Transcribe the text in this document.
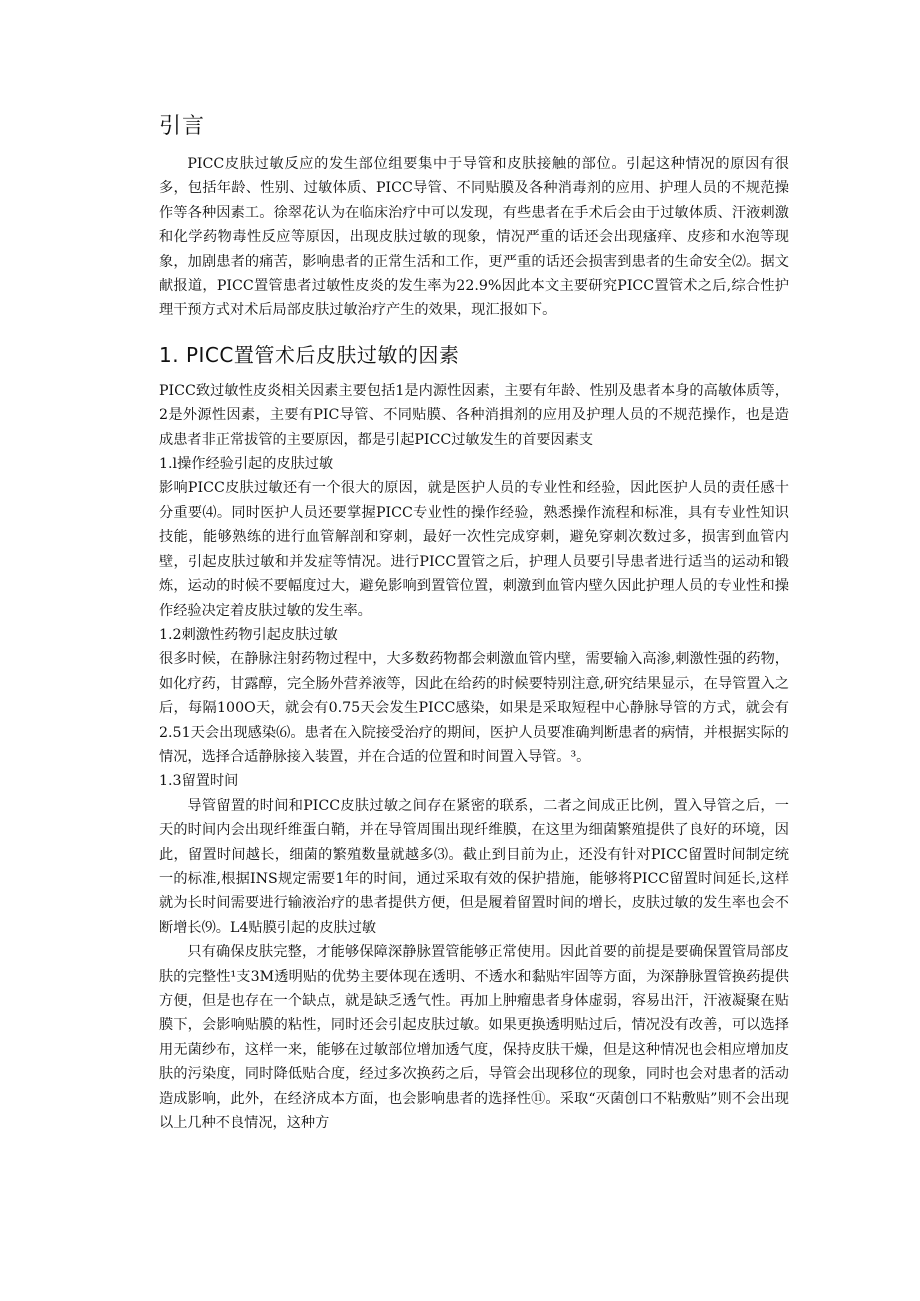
引言

PICC皮肤过敏反应的发生部位组要集中于导管和皮肤接触的部位。引起这种情况的原因有很多，包括年龄、性别、过敏体质、PICC导管、不同贴膜及各种消毒剂的应用、护理人员的不规范操作等各种因素工。徐翠花认为在临床治疗中可以发现，有些患者在手术后会由于过敏体质、汗液刺激和化学药物毒性反应等原因，出现皮肤过敏的现象，情况严重的话还会出现瘙痒、皮疹和水泡等现象，加剧患者的痛苦，影响患者的正常生活和工作，更严重的话还会损害到患者的生命安全⑵。据文献报道，PICC置管患者过敏性皮炎的发生率为22.9%因此本文主要研究PICC置管术之后,综合性护理干预方式对术后局部皮肤过敏治疗产生的效果，现汇报如下。

1. PICC置管术后皮肤过敏的因素

PICC致过敏性皮炎相关因素主要包括1是内源性因素，主要有年龄、性别及患者本身的高敏体质等，2是外源性因素，主要有PIC导管、不同贴膜、各种消揖剂的应用及护理人员的不规范操作，也是造成患者非正常拔管的主要原因，都是引起PICC过敏发生的首要因素支

1.l操作经验引起的皮肤过敏

影响PICC皮肤过敏还有一个很大的原因，就是医护人员的专业性和经验，因此医护人员的责任感十分重要⑷。同时医护人员还要掌握PICC专业性的操作经验，熟悉操作流程和标准，具有专业性知识技能，能够熟练的进行血管解剖和穿刺，最好一次性完成穿刺，避免穿刺次数过多，损害到血管内壁，引起皮肤过敏和并发症等情况。进行PICC置管之后，护理人员要引导患者进行适当的运动和锻炼，运动的时候不要幅度过大，避免影响到置管位置，刺激到血管内壁久因此护理人员的专业性和操作经验决定着皮肤过敏的发生率。

1.2刺激性药物引起皮肤过敏

很多时候，在静脉注射药物过程中，大多数药物都会刺激血管内壁，需要输入高渗,刺激性强的药物，如化疗药，甘露醇，完全肠外营养液等，因此在给药的时候要特别注意,研究结果显示，在导管置入之后，每隔100O天，就会有0.75天会发生PICC感染，如果是采取短程中心静脉导管的方式，就会有2.51天会出现感染⑹。患者在入院接受治疗的期间，医护人员要准确判断患者的病情，并根据实际的情况，选择合适静脉接入装置，并在合适的位置和时间置入导管。³。

1.3留置时间

导管留置的时间和PICC皮肤过敏之间存在紧密的联系，二者之间成正比例，置入导管之后，一天的时间内会出现纤维蛋白鞘，并在导管周围出现纤维膜，在这里为细菌繁殖提供了良好的环境，因此，留置时间越长，细菌的繁殖数量就越多⑶。截止到目前为止，还没有针对PICC留置时间制定统一的标准,根据INS规定需要1年的时间，通过采取有效的保护措施，能够将PICC留置时间延长,这样就为长时间需要进行输液治疗的患者提供方便，但是履着留置时间的增长，皮肤过敏的发生率也会不断增长⑼。L4贴膜引起的皮肤过敏

只有确保皮肤完整，才能够保障深静脉置管能够正常使用。因此首要的前提是要确保置管局部皮肤的完整性¹支3M透明贴的优势主要体现在透明、不透水和黏贴牢固等方面，为深静脉置管换药提供方便，但是也存在一个缺点，就是缺乏透气性。再加上肿瘤患者身体虚弱，容易出汗，汗液凝聚在贴膜下，会影响贴膜的粘性，同时还会引起皮肤过敏。如果更换透明贴过后，情况没有改善，可以选择用无菌纱布，这样一来，能够在过敏部位增加透气度，保持皮肤干燥，但是这种情况也会相应增加皮肤的污染度，同时降低贴合度，经过多次换药之后，导管会出现移位的现象，同时也会对患者的活动造成影响，此外，在经济成本方面，也会影响患者的选择性⑪。采取“灭菌创口不粘敷贴”则不会出现以上几种不良情况，这种方
